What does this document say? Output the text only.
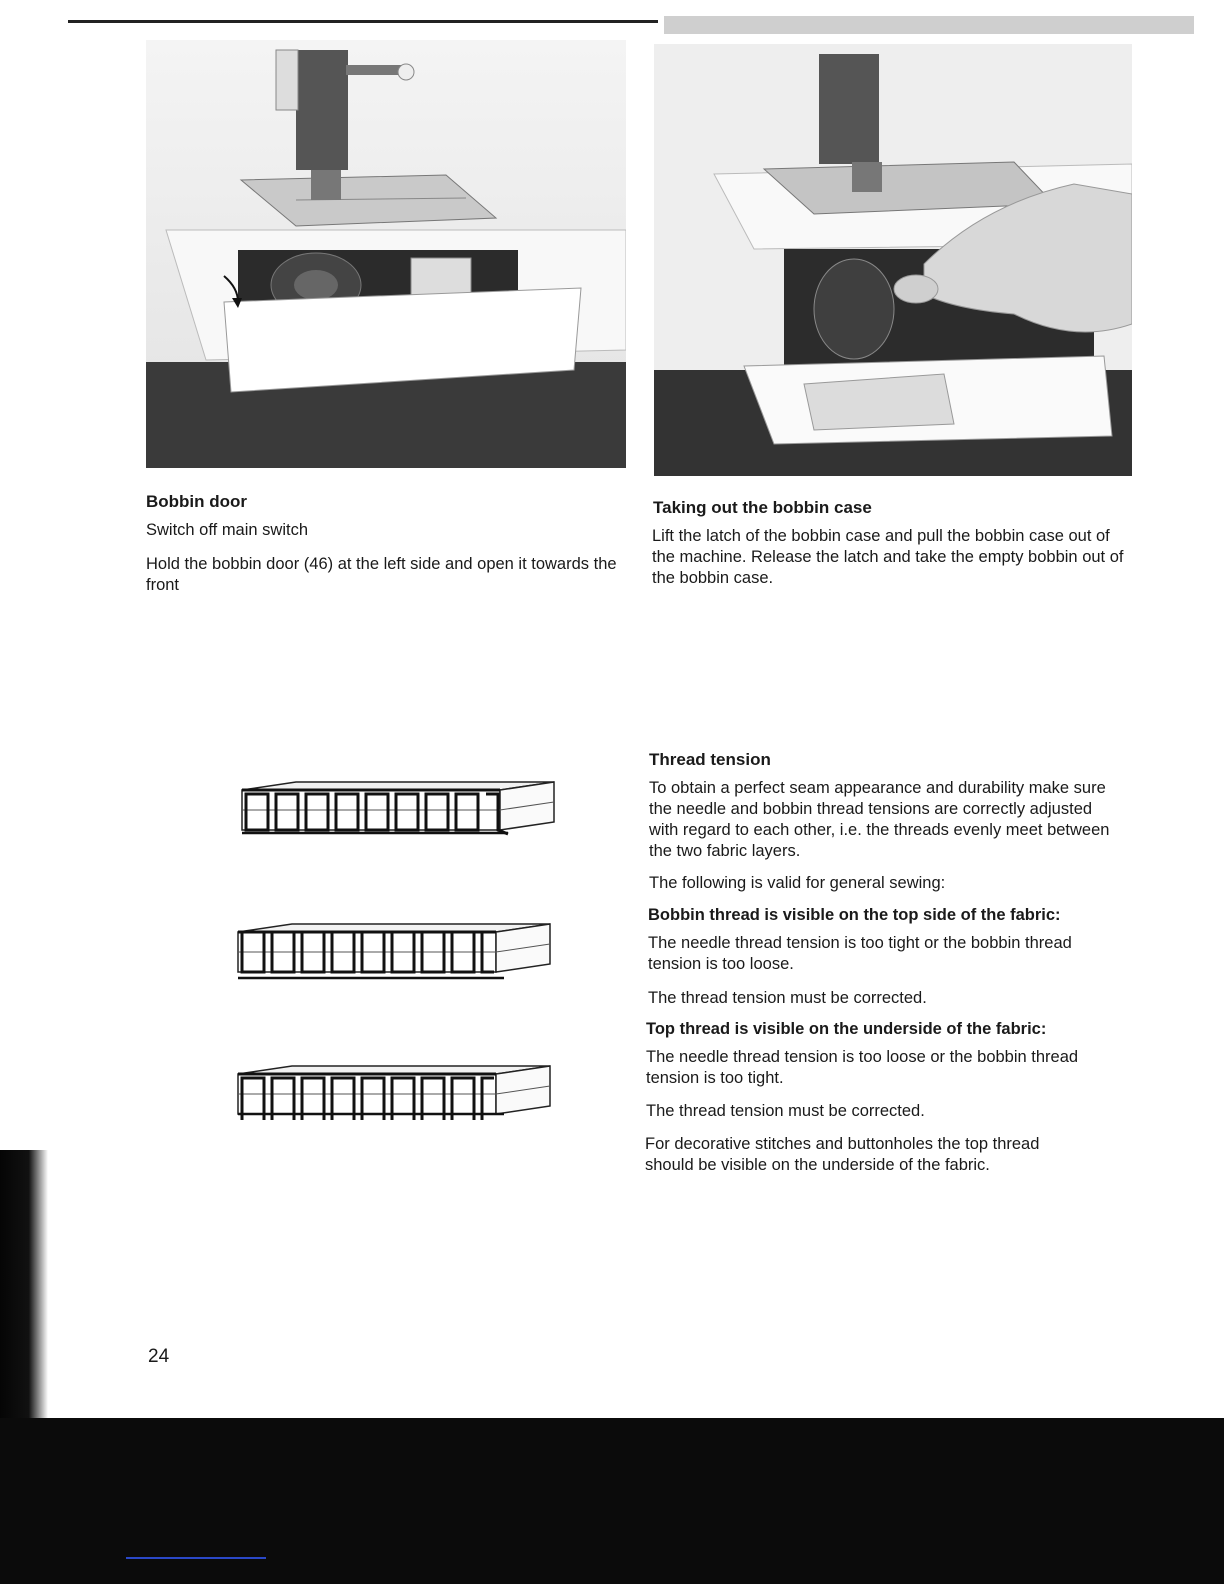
Bobbin door
Switch off main switch
Hold the bobbin door (46) at the left side and open it towards the front
Taking out the bobbin case
Lift the latch of the bobbin case and pull the bobbin case out of the machine. Release the latch and take the empty bobbin out of the bobbin case.
Thread tension
To obtain a perfect seam appearance and durability make sure the needle and bobbin thread tensions are correctly adjusted with regard to each other, i.e. the threads evenly meet between the two fabric layers.
The following is valid for general sewing:
Bobbin thread is visible on the top side of the fabric:
The needle thread tension is too tight or the bobbin thread tension is too loose.
The thread tension must be corrected.
Top thread is visible on the underside of the fabric:
The needle thread tension is too loose or the bobbin thread tension is too tight.
The thread tension must be corrected.
For decorative stitches and buttonholes the top thread should be visible on the underside of the fabric.
24
